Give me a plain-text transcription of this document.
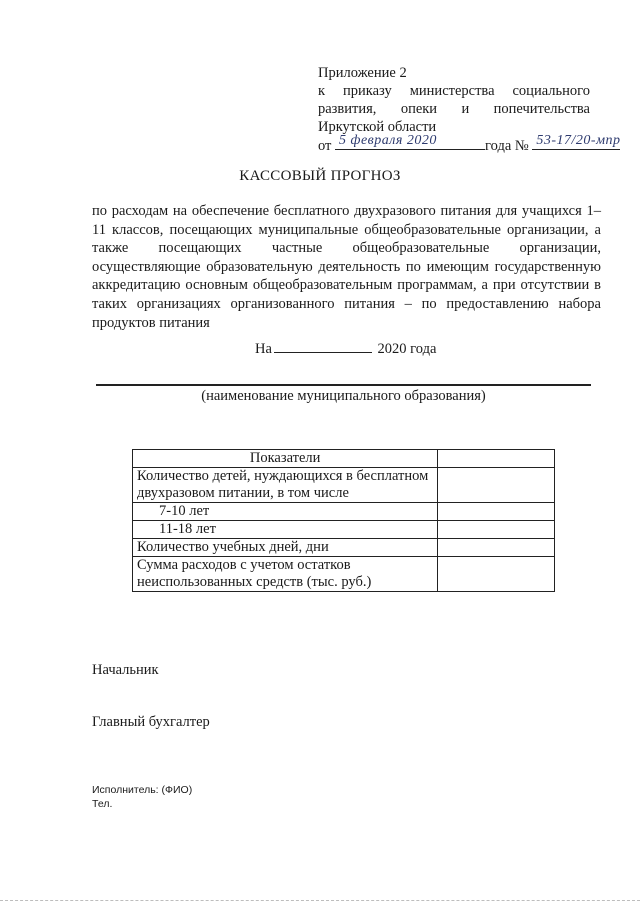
Приложение 2
к приказу министерства социального
развития, опеки и попечительства
Иркутской области
от 5 февраля 2020	года № 53-17/20-мпр
КАССОВЫЙ ПРОГНОЗ
по расходам на обеспечение бесплатного двухразового питания для учащихся 1–11 классов, посещающих муниципальные общеобразовательные организации, а также посещающих частные общеобразовательные организации, осуществляющие образовательную деятельность по имеющим государственную аккредитацию основным общеобразовательным программам, а при отсутствии в таких организациях организованного питания – по предоставлению набора продуктов питания
На	2020 года
(наименование муниципального образования)
Показатели	
Количество детей, нуждающихся в бесплатном двухразовом питании, в том числе	
7-10 лет	
11-18 лет	
Количество учебных дней, дни	
Сумма расходов с учетом остатков неиспользованных средств (тыс. руб.)	
Начальник
Главный бухгалтер
Исполнитель: (ФИО)
Тел.
